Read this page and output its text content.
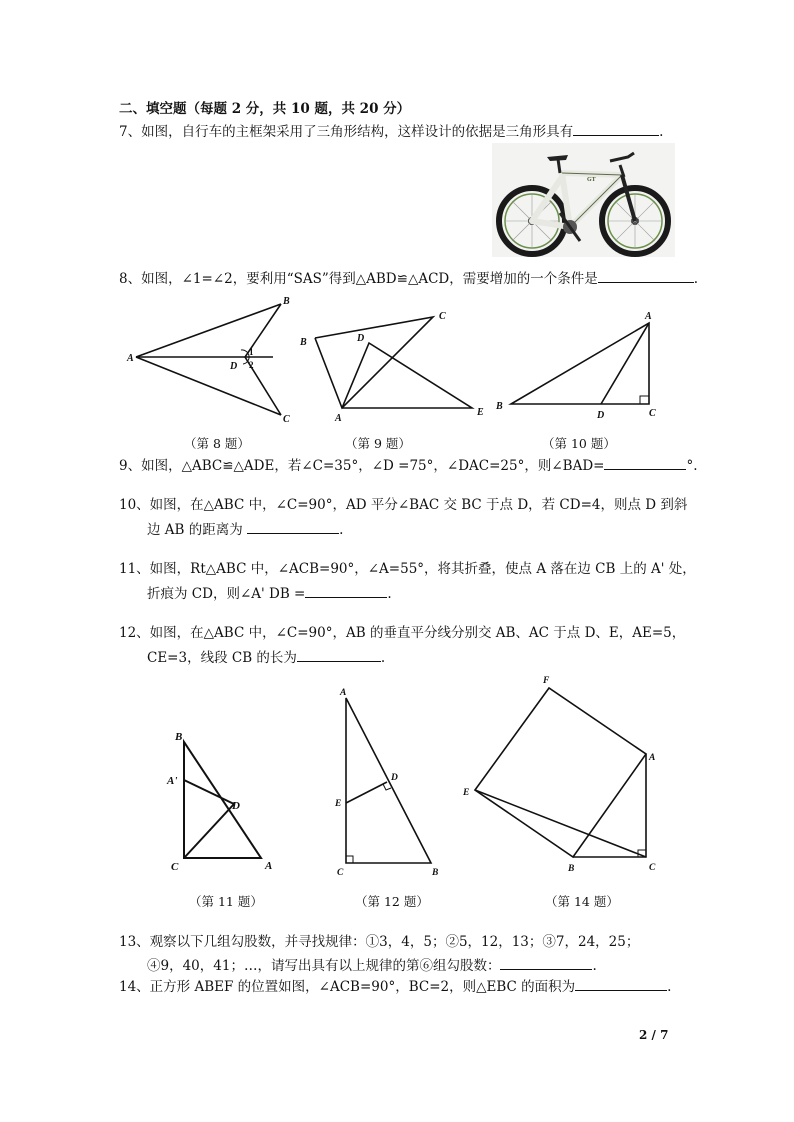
二、填空题（每题 2 分，共 10 题，共 20 分）
7、如图，自行车的主框架采用了三角形结构，这样设计的依据是三角形具有	.
GT
8、如图，∠1=∠2，要利用“SAS”得到△ABD≌△ACD，需要增加的一个条件是	.
A
B
C
D
1
2
B
C
D
A
E
A
B
D	C
（第 8 题）	（第 9 题）	（第 10 题）
9、如图，△ABC≌△ADE，若∠C=35°，∠D =75°，∠DAC=25°，则∠BAD=	°.
10、如图，在△ABC 中，∠C=90°，AD 平分∠BAC 交 BC 于点 D，若 CD=4，则点 D 到斜
边 AB 的距离为	.
11、如图，Rt△ABC 中，∠ACB=90°，∠A=55°，将其折叠，使点 A 落在边 CB 上的 A' 处，
折痕为 CD，则∠A' DB =	.
12、如图，在△ABC 中，∠C=90°，AB 的垂直平分线分别交 AB、AC 于点 D、E，AE=5，
CE=3，线段 CB 的长为	.
B
A'
D
C	A
A
D
E
C	B
F
A
E
B	C
（第 11 题）	（第 12 题）	（第 14 题）
13、观察以下几组勾股数，并寻找规律：①3，4，5；②5，12，13；③7，24，25；
④9，40，41；…，请写出具有以上规律的第⑥组勾股数：	.
14、正方形 ABEF 的位置如图，∠ACB=90°，BC=2，则△EBC 的面积为	.
2 / 7
